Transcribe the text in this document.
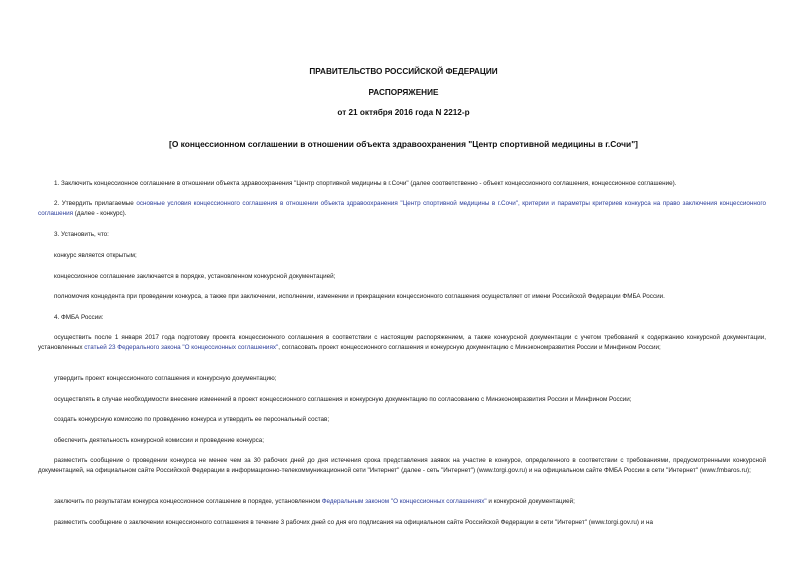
ПРАВИТЕЛЬСТВО РОССИЙСКОЙ ФЕДЕРАЦИИ
РАСПОРЯЖЕНИЕ
от 21 октября 2016 года N 2212-р
[О концессионном соглашении в отношении объекта здравоохранения "Центр спортивной медицины в г.Сочи"]
1. Заключить концессионное соглашение в отношении объекта здравоохранения "Центр спортивной медицины в г.Сочи" (далее соответственно - объект концессионного соглашения, концессионное соглашение).
2. Утвердить прилагаемые основные условия концессионного соглашения в отношении объекта здравоохранения "Центр спортивной медицины в г.Сочи", критерии и параметры критериев конкурса на право заключения концессионного соглашения (далее - конкурс).
3. Установить, что:
конкурс является открытым;
концессионное соглашение заключается в порядке, установленном конкурсной документацией;
полномочия концедента при проведении конкурса, а также при заключении, исполнении, изменении и прекращении концессионного соглашения осуществляет от имени Российской Федерации ФМБА России.
4. ФМБА России:
осуществить после 1 января 2017 года подготовку проекта концессионного соглашения в соответствии с настоящим распоряжением, а также конкурсной документации с учетом требований к содержанию конкурсной документации, установленных статьей 23 Федерального закона "О концессионных соглашениях", согласовать проект концессионного соглашения и конкурсную документацию с Минэкономразвития России и Минфином России;
утвердить проект концессионного соглашения и конкурсную документацию;
осуществлять в случае необходимости внесение изменений в проект концессионного соглашения и конкурсную документацию по согласованию с Минэкономразвития России и Минфином России;
создать конкурсную комиссию по проведению конкурса и утвердить ее персональный состав;
обеспечить деятельность конкурсной комиссии и проведение конкурса;
разместить сообщение о проведении конкурса не менее чем за 30 рабочих дней до дня истечения срока представления заявок на участие в конкурсе, определенного в соответствии с требованиями, предусмотренными конкурсной документацией, на официальном сайте Российской Федерации в информационно-телекоммуникационной сети "Интернет" (далее - сеть "Интернет") (www.torgi.gov.ru) и на официальном сайте ФМБА России в сети "Интернет" (www.fmbaros.ru);
заключить по результатам конкурса концессионное соглашение в порядке, установленном Федеральным законом "О концессионных соглашениях" и конкурсной документацией;
разместить сообщение о заключении концессионного соглашения в течение 3 рабочих дней со дня его подписания на официальном сайте Российской Федерации в сети "Интернет" (www.torgi.gov.ru) и на
